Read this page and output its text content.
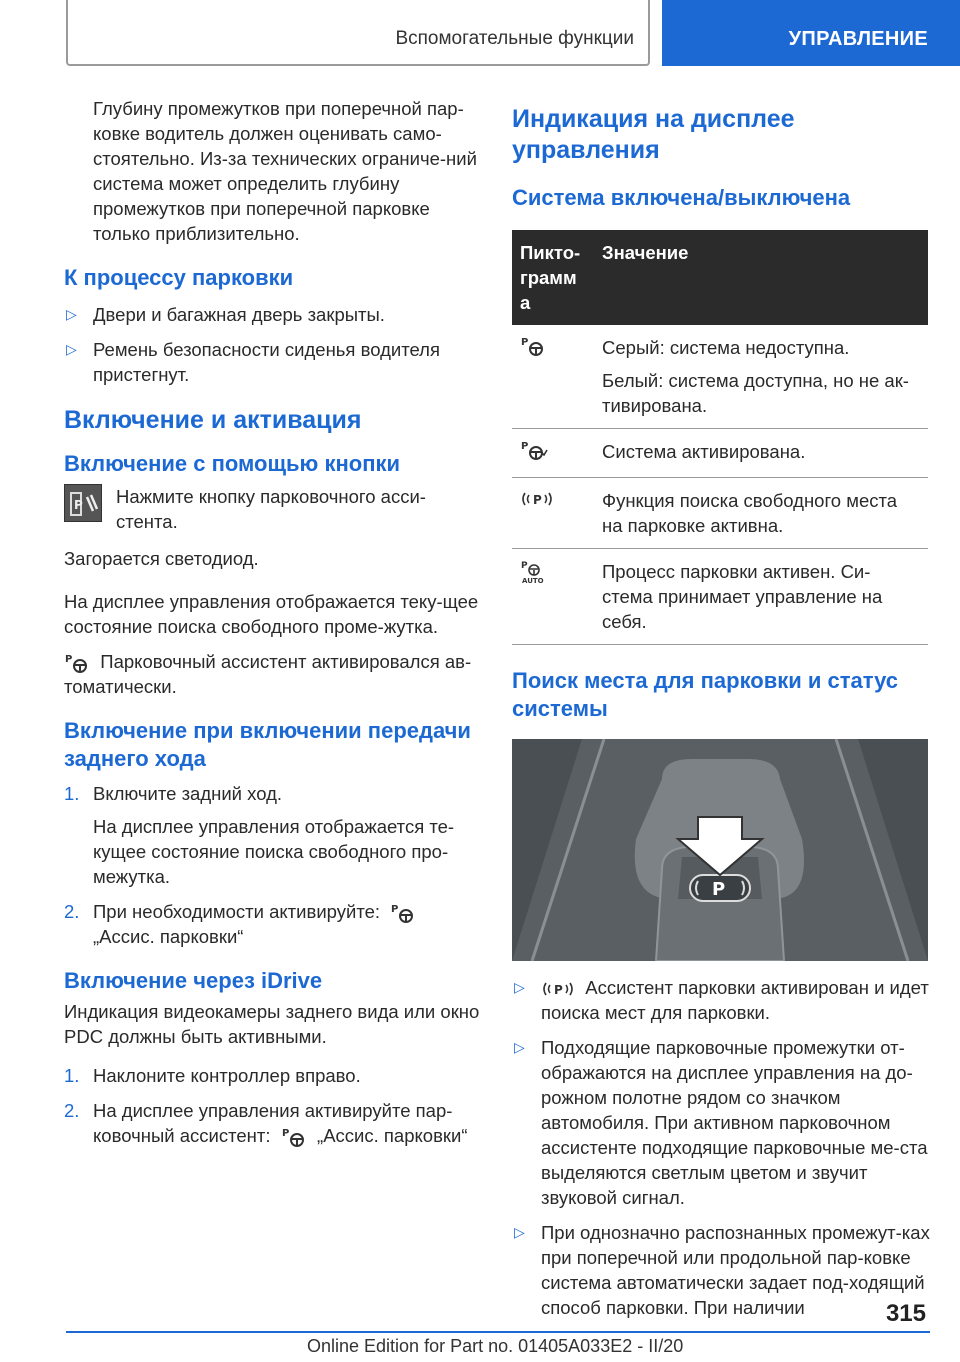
Вспомогательные функции	УПРАВЛЕНИЕ
Глубину промежутков при поперечной пар-ковке водитель должен оценивать само-стоятельно. Из-за технических ограниче-ний система может определить глубину промежутков при поперечной парковке только приблизительно.
К процессу парковки
▷ Двери и багажная дверь закрыты.
▷ Ремень безопасности сиденья водителя пристегнут.
Включение и активация
Включение с помощью кнопки
P Нажмите кнопку парковочного асси-стента.
Загорается светодиод.
На дисплее управления отображается теку-щее состояние поиска свободного проме-жутка.
P Парковочный ассистент активировался ав-томатически.
Включение при включении передачи заднего хода
1. Включите задний ход.
На дисплее управления отображается те-кущее состояние поиска свободного про-межутка.
2. При необходимости активируйте: P
„Ассис. парковки“
Включение через iDrive
Индикация видеокамеры заднего вида или окно PDC должны быть активными.
1. Наклоните контроллер вправо.
2. На дисплее управления активируйте пар-ковочный ассистент: P „Ассис. парковки“
Индикация на дисплее управления
Система включена/выключена
Пикто-грамм а	Значение

P	Серый: система недоступна.
Белый: система доступна, но не ак-тивирована.

P	Система активирована.

P	Функция поиска свободного места на парковке активна.

P
AUTO	Процесс парковки активен. Си-стема принимает управление на себя.
Поиск места для парковки и статус системы
P
▷ P Ассистент парковки активирован и идет поиска мест для парковки.
▷ Подходящие парковочные промежутки от-ображаются на дисплее управления на до-рожном полотне рядом со значком автомобиля. При активном парковочном ассистенте подходящие парковочные ме-ста выделяются светлым цветом и звучит звуковой сигнал.
▷ При однозначно распознанных промежут-ках при поперечной или продольной пар-ковке система автоматически задает под-ходящий способ парковки. При наличии	315
Online Edition for Part no. 01405A033E2 - II/20
